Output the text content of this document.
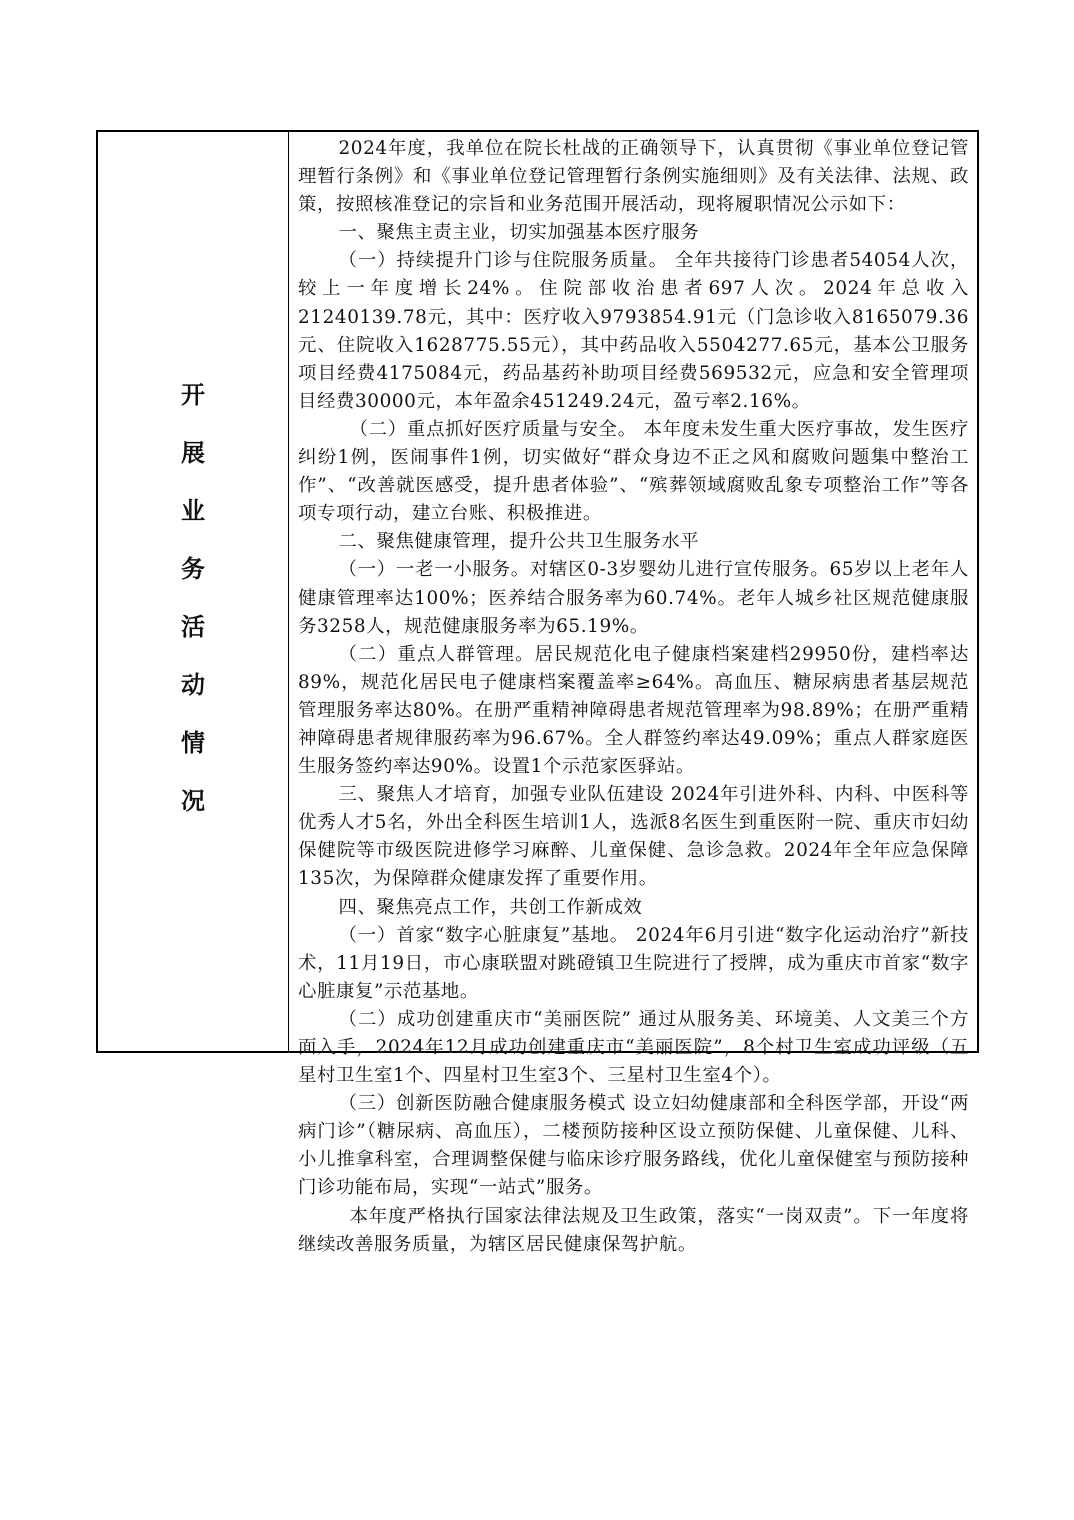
开
展
业
务
活
动
情
况

2024年度，我单位在院长杜战的正确领导下，认真贯彻《事业单位登记管理暂行条例》和《事业单位登记管理暂行条例实施细则》及有关法律、法规、政策，按照核准登记的宗旨和业务范围开展活动，现将履职情况公示如下：

一、聚焦主责主业，切实加强基本医疗服务

（一）持续提升门诊与住院服务质量。 全年共接待门诊患者54054人次，较上一年度增长24%。住院部收治患者697人次。2024年总收入21240139.78元，其中：医疗收入9793854.91元（门急诊收入8165079.36元、住院收入1628775.55元），其中药品收入5504277.65元，基本公卫服务项目经费4175084元，药品基药补助项目经费569532元，应急和安全管理项目经费30000元，本年盈余451249.24元，盈亏率2.16%。

（二）重点抓好医疗质量与安全。 本年度未发生重大医疗事故，发生医疗纠纷1例，医闹事件1例，切实做好“群众身边不正之风和腐败问题集中整治工作”、“改善就医感受，提升患者体验”、“殡葬领域腐败乱象专项整治工作”等各项专项行动，建立台账、积极推进。

二、聚焦健康管理，提升公共卫生服务水平

（一）一老一小服务。对辖区0-3岁婴幼儿进行宣传服务。65岁以上老年人健康管理率达100%；医养结合服务率为60.74%。老年人城乡社区规范健康服务3258人，规范健康服务率为65.19%。

（二）重点人群管理。居民规范化电子健康档案建档29950份，建档率达89%，规范化居民电子健康档案覆盖率≥64%。高血压、糖尿病患者基层规范管理服务率达80%。在册严重精神障碍患者规范管理率为98.89%；在册严重精神障碍患者规律服药率为96.67%。全人群签约率达49.09%；重点人群家庭医生服务签约率达90%。设置1个示范家医驿站。

三、聚焦人才培育，加强专业队伍建设 2024年引进外科、内科、中医科等优秀人才5名，外出全科医生培训1人，选派8名医生到重医附一院、重庆市妇幼保健院等市级医院进修学习麻醉、儿童保健、急诊急救。2024年全年应急保障135次，为保障群众健康发挥了重要作用。

四、聚焦亮点工作，共创工作新成效

（一）首家“数字心脏康复”基地。 2024年6月引进“数字化运动治疗”新技术，11月19日，市心康联盟对跳磴镇卫生院进行了授牌，成为重庆市首家“数字心脏康复”示范基地。

（二）成功创建重庆市“美丽医院” 通过从服务美、环境美、人文美三个方面入手，2024年12月成功创建重庆市“美丽医院”，8个村卫生室成功评级（五星村卫生室1个、四星村卫生室3个、三星村卫生室4个）。

（三）创新医防融合健康服务模式 设立妇幼健康部和全科医学部，开设“两病门诊”（糖尿病、高血压），二楼预防接种区设立预防保健、儿童保健、儿科、小儿推拿科室，合理调整保健与临床诊疗服务路线，优化儿童保健室与预防接种门诊功能布局，实现“一站式”服务。

本年度严格执行国家法律法规及卫生政策，落实“一岗双责”。下一年度将继续改善服务质量，为辖区居民健康保驾护航。
